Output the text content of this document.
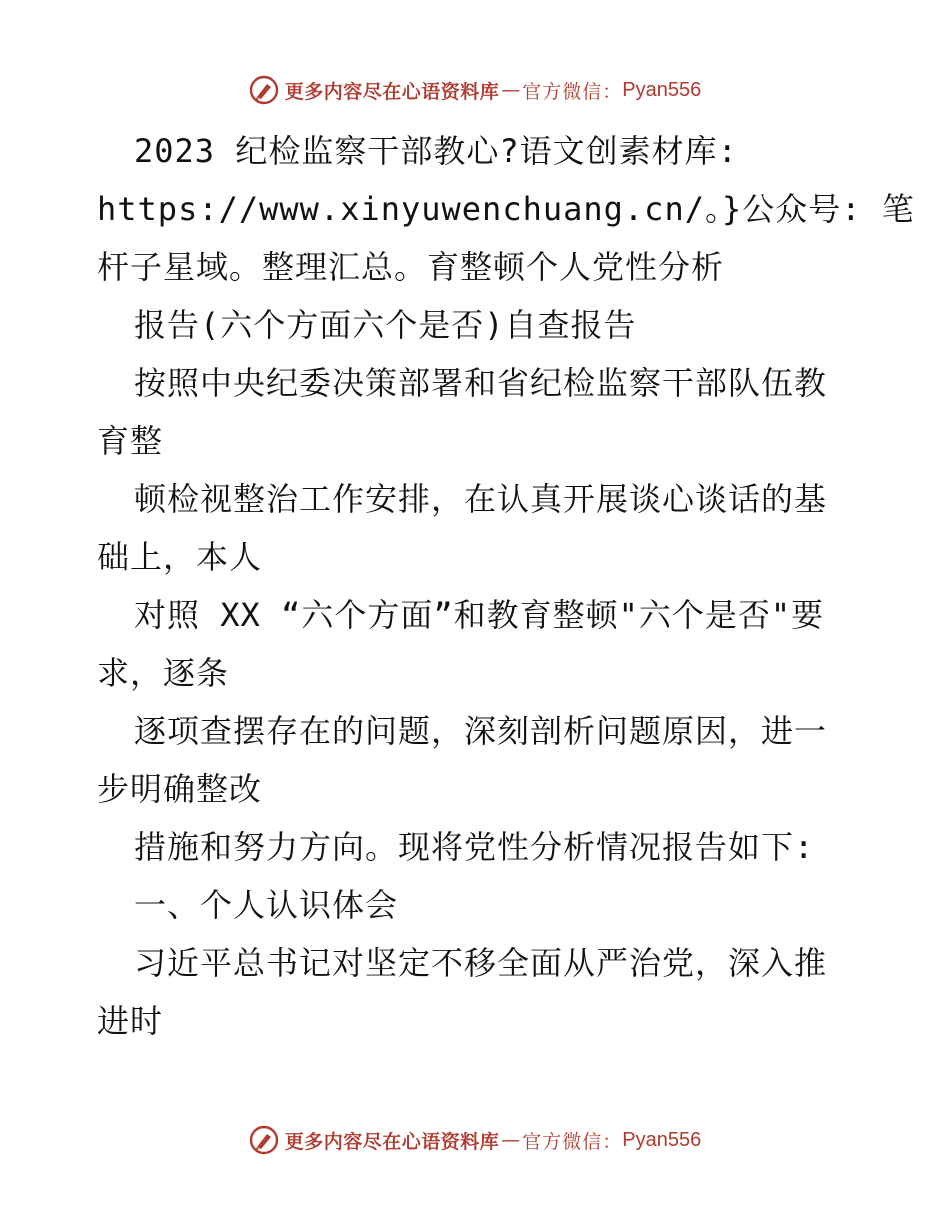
更多内容尽在心语资料库 — 官方微信： Pyan556
2023 纪检监察干部教心?语文创素材库:
https://www.xinyuwenchuang.cn/。}公众号: 笔
杆子星域。整理汇总。育整顿个人党性分析
报告(六个方面六个是否)自查报告
按照中央纪委决策部署和省纪检监察干部队伍教
育整
顿检视整治工作安排，在认真开展谈心谈话的基
础上，本人
对照 XX “六个方面”和教育整顿"六个是否"要
求，逐条
逐项查摆存在的问题，深刻剖析问题原因，进一
步明确整改
措施和努力方向。现将党性分析情况报告如下:
一、个人认识体会
习近平总书记对坚定不移全面从严治党，深入推
进时
更多内容尽在心语资料库 — 官方微信： Pyan556
